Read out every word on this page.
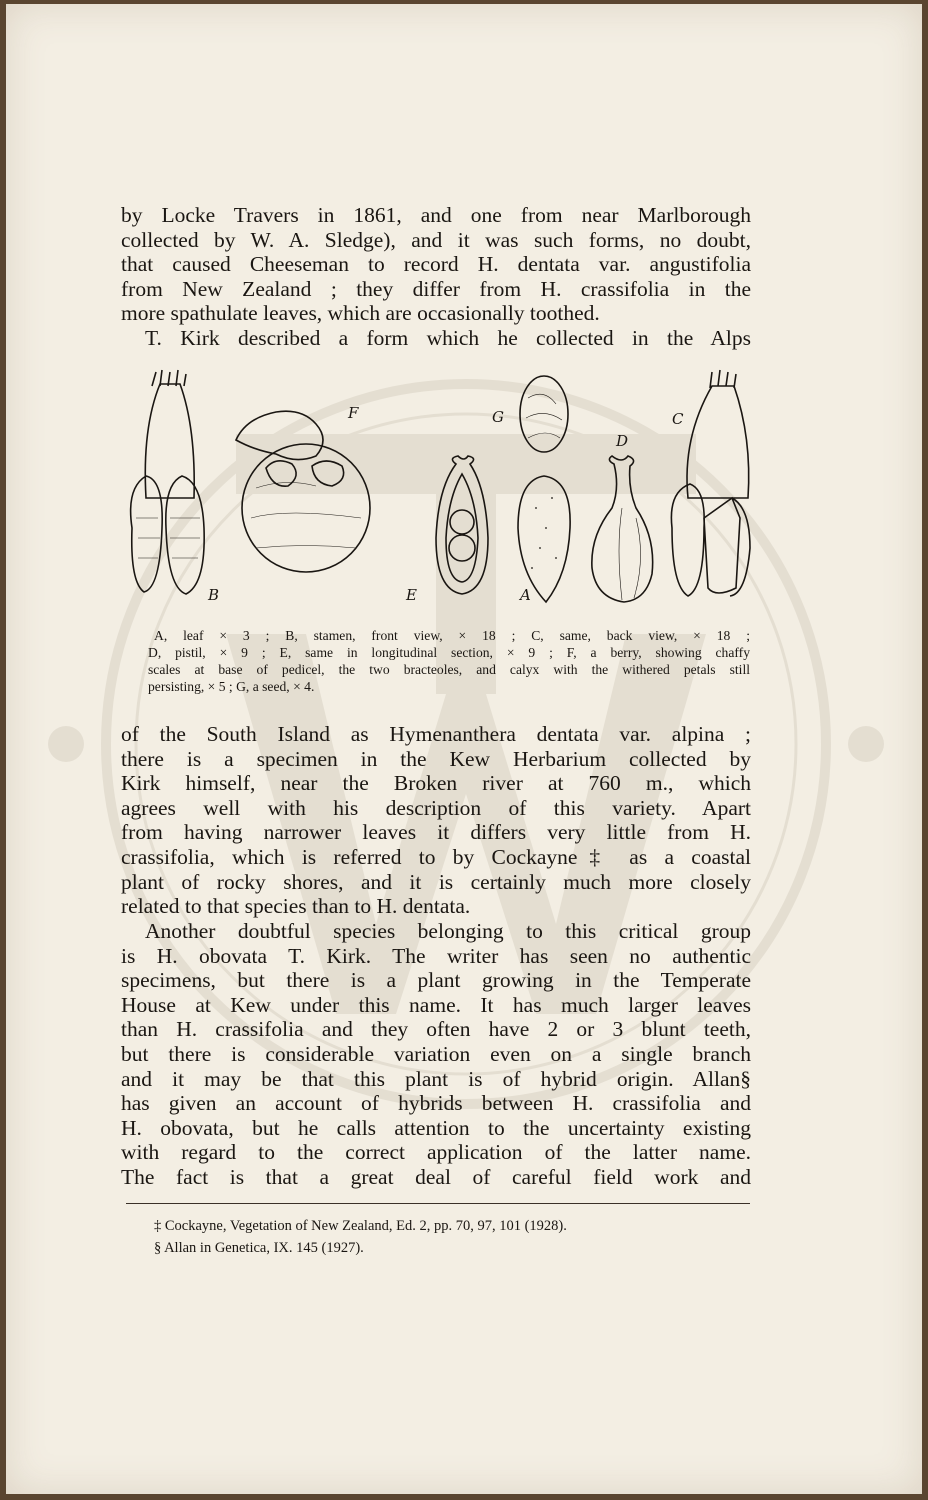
by Locke Travers in 1861, and one from near Marlborough
collected by W. A. Sledge), and it was such forms, no doubt,
that caused Cheeseman to record H. dentata var. angustifolia
from New Zealand ; they differ from H. crassifolia in the
more spathulate leaves, which are occasionally toothed.
T. Kirk described a form which he collected in the Alps
B
F
E
G
A
D
C
A, leaf × 3 ; B, stamen, front view, × 18 ; C, same, back view, × 18 ;
D, pistil, × 9 ; E, same in longitudinal section, × 9 ; F, a berry, showing chaffy
scales at base of pedicel, the two bracteoles, and calyx with the withered petals still
persisting, × 5 ; G, a seed, × 4.
of the South Island as Hymenanthera dentata var. alpina ;
there is a specimen in the Kew Herbarium collected by
Kirk himself, near the Broken river at 760 m., which
agrees well with his description of this variety. Apart
from having narrower leaves it differs very little from H.
crassifolia, which is referred to by Cockayne‡ as a coastal
plant of rocky shores, and it is certainly much more closely
related to that species than to H. dentata.
Another doubtful species belonging to this critical group
is H. obovata T. Kirk. The writer has seen no authentic
specimens, but there is a plant growing in the Temperate
House at Kew under this name. It has much larger leaves
than H. crassifolia and they often have 2 or 3 blunt teeth,
but there is considerable variation even on a single branch
and it may be that this plant is of hybrid origin. Allan§
has given an account of hybrids between H. crassifolia and
H. obovata, but he calls attention to the uncertainty existing
with regard to the correct application of the latter name.
The fact is that a great deal of careful field work and
‡ Cockayne, Vegetation of New Zealand, Ed. 2, pp. 70, 97, 101 (1928).
§ Allan in Genetica, IX. 145 (1927).
